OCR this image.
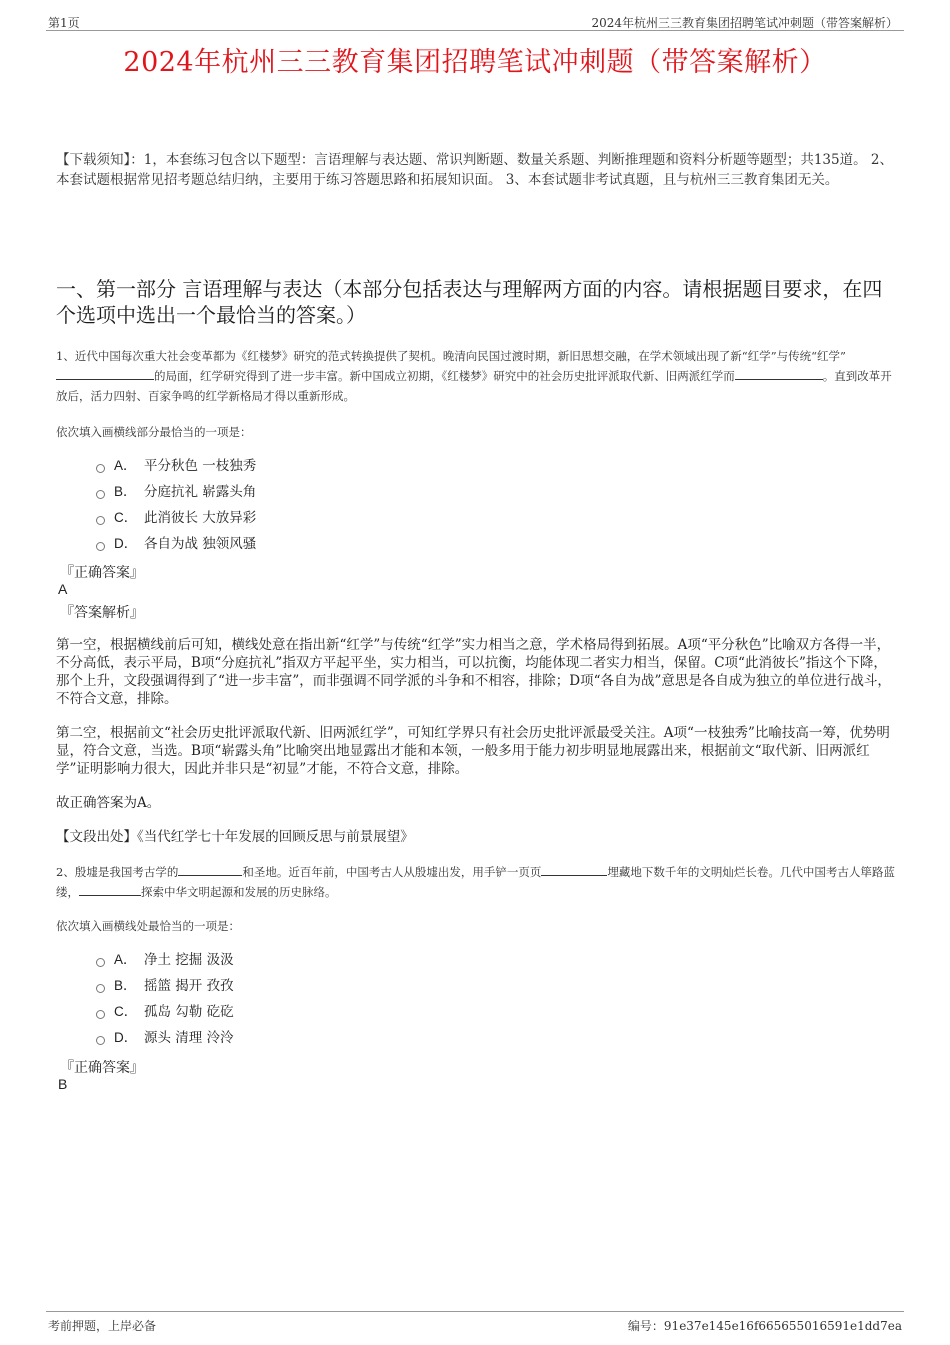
第1页	2024年杭州三三教育集团招聘笔试冲刺题（带答案解析）
2024年杭州三三教育集团招聘笔试冲刺题（带答案解析）

【下载须知】：1，本套练习包含以下题型：言语理解与表达题、常识判断题、数量关系题、判断推理题和资料分析题等题型；共135道。 2、本套试题根据常见招考题总结归纳，主要用于练习答题思路和拓展知识面。 3、本套试题非考试真题，且与杭州三三教育集团无关。

一、第一部分 言语理解与表达（本部分包括表达与理解两方面的内容。请根据题目要求，在四个选项中选出一个最恰当的答案。）

1、近代中国每次重大社会变革都为《红楼梦》研究的范式转换提供了契机。晚清向民国过渡时期，新旧思想交融，在学术领域出现了新“红学”与传统“红学”的局面，红学研究得到了进一步丰富。新中国成立初期，《红楼梦》研究中的社会历史批评派取代新、旧两派红学而	。直到改革开放后，活力四射、百家争鸣的红学新格局才得以重新形成。

依次填入画横线部分最恰当的一项是：

A． 平分秋色 一枝独秀
B． 分庭抗礼 崭露头角
C． 此消彼长 大放异彩
D． 各自为战 独领风骚

『正确答案』

A

『答案解析』

第一空，根据横线前后可知，横线处意在指出新“红学”与传统“红学”实力相当之意，学术格局得到拓展。A项“平分秋色”比喻双方各得一半，不分高低，表示平局，B项“分庭抗礼”指双方平起平坐，实力相当，可以抗衡，均能体现二者实力相当，保留。C项“此消彼长”指这个下降，那个上升，文段强调得到了“进一步丰富”，而非强调不同学派的斗争和不相容，排除；D项“各自为战”意思是各自成为独立的单位进行战斗，不符合文意，排除。

第二空，根据前文“社会历史批评派取代新、旧两派红学”，可知红学界只有社会历史批评派最受关注。A项“一枝独秀”比喻技高一筹，优势明显，符合文意，当选。B项“崭露头角”比喻突出地显露出才能和本领，一般多用于能力初步明显地展露出来，根据前文“取代新、旧两派红学”证明影响力很大，因此并非只是“初显”才能，不符合文意，排除。

故正确答案为A。

【文段出处】《当代红学七十年发展的回顾反思与前景展望》

2、殷墟是我国考古学的	和圣地。近百年前，中国考古人从殷墟出发，用手铲一页页	埋藏地下数千年的文明灿烂长卷。几代中国考古人筚路蓝缕，	探索中华文明起源和发展的历史脉络。

依次填入画横线处最恰当的一项是：

A． 净土 挖掘 汲汲
B． 摇篮 揭开 孜孜
C． 孤岛 勾勒 矻矻
D． 源头 清理 泠泠

『正确答案』

B

考前押题，上岸必备	编号：91e37e145e16f665655016591e1dd7ea
